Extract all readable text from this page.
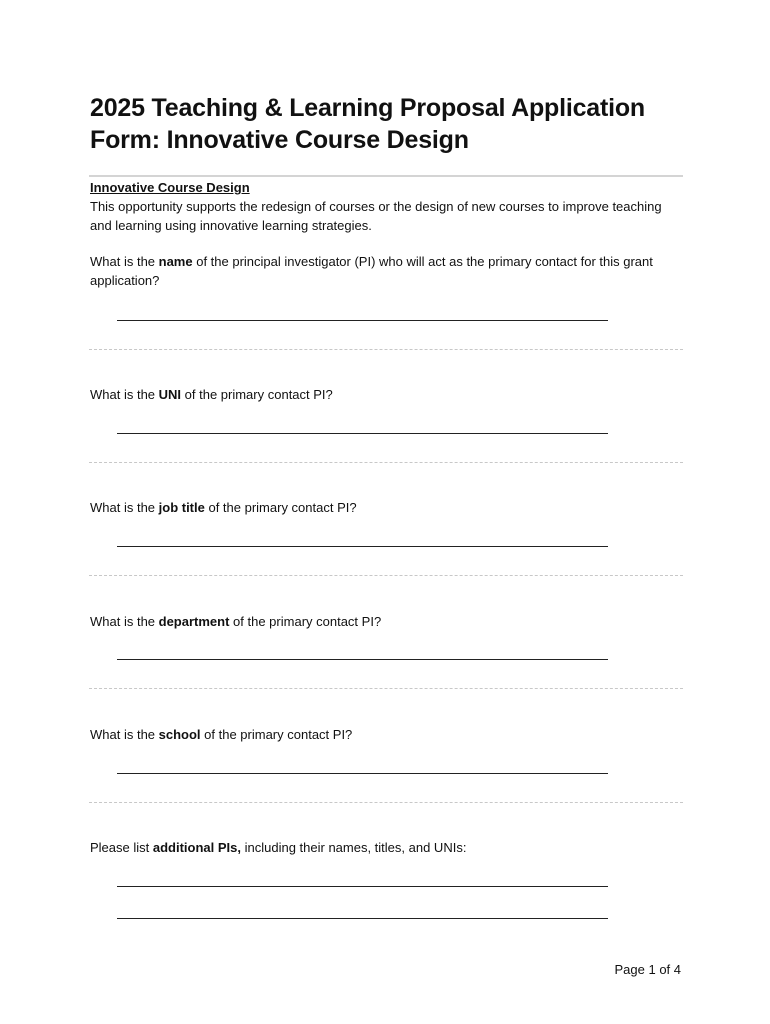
2025 Teaching & Learning Proposal Application Form: Innovative Course Design
Innovative Course Design
This opportunity supports the redesign of courses or the design of new courses to improve teaching and learning using innovative learning strategies.

What is the name of the principal investigator (PI) who will act as the primary contact for this grant application?

What is the UNI of the primary contact PI?

What is the job title of the primary contact PI?

What is the department of the primary contact PI?

What is the school of the primary contact PI?

Please list additional PIs, including their names, titles, and UNIs:

Page 1 of 4
